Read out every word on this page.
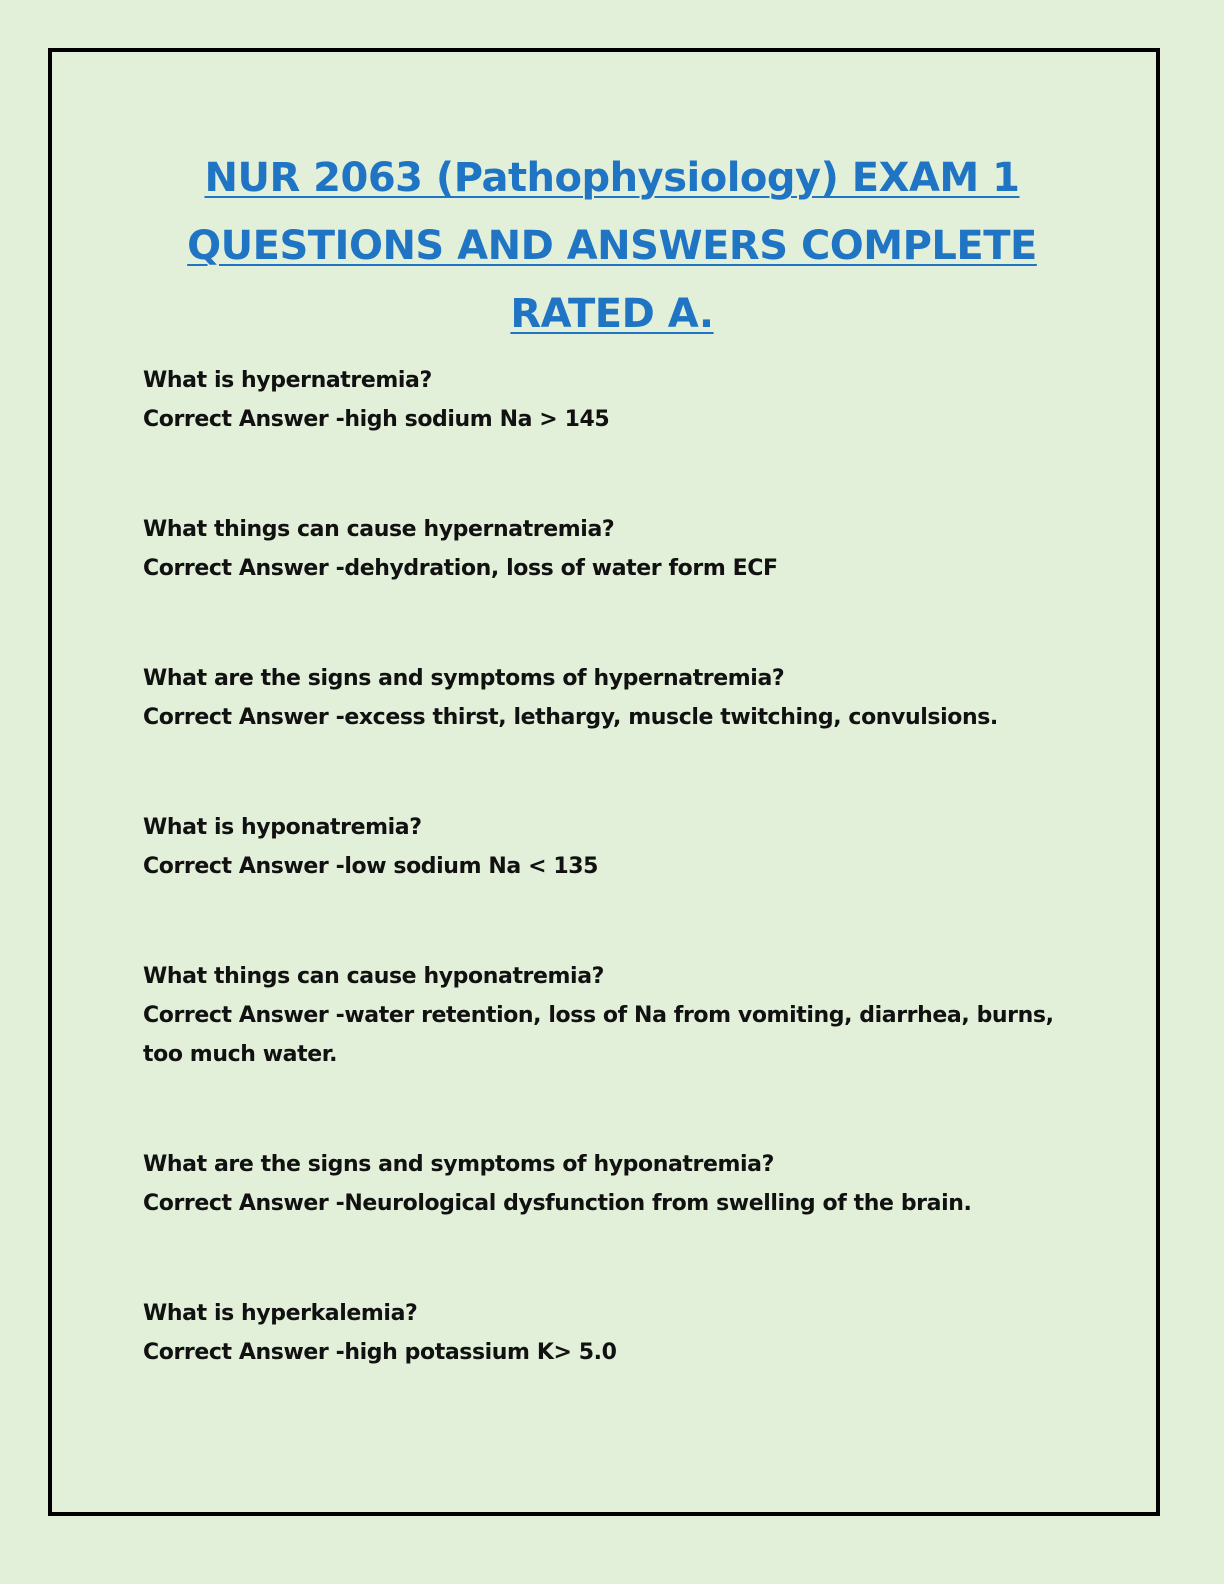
NUR 2063 (Pathophysiology) EXAM 1
QUESTIONS AND ANSWERS COMPLETE
RATED A.

What is hypernatremia?

Correct Answer -high sodium Na > 145

What things can cause hypernatremia?

Correct Answer -dehydration, loss of water form ECF

What are the signs and symptoms of hypernatremia?

Correct Answer -excess thirst, lethargy, muscle twitching, convulsions.

What is hyponatremia?

Correct Answer -low sodium Na < 135

What things can cause hyponatremia?

Correct Answer -water retention, loss of Na from vomiting, diarrhea, burns, too much water.

What are the signs and symptoms of hyponatremia?

Correct Answer -Neurological dysfunction from swelling of the brain.

What is hyperkalemia?

Correct Answer -high potassium K> 5.0
